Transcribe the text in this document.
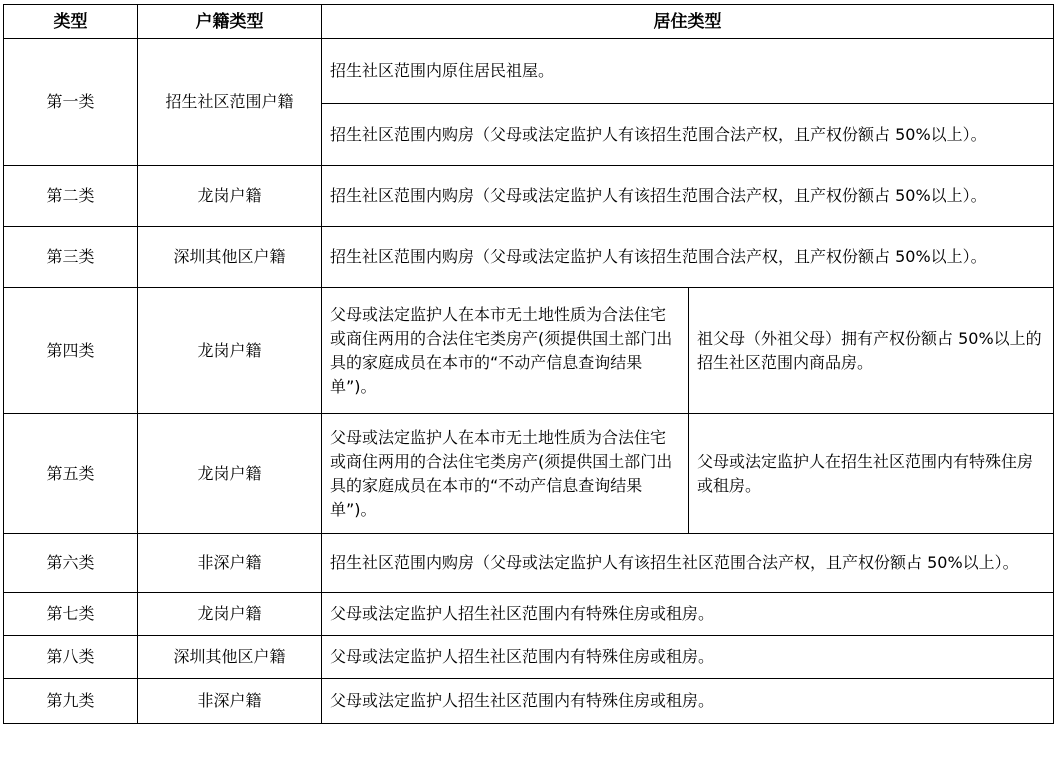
类型	户籍类型	居住类型	
第一类	招生社区范围户籍	招生社区范围内原住居民祖屋。	
		招生社区范围内购房（父母或法定监护人有该招生范围合法产权，且产权份额占 50%以上）。	
第二类	龙岗户籍	招生社区范围内购房（父母或法定监护人有该招生范围合法产权，且产权份额占 50%以上）。	
第三类	深圳其他区户籍	招生社区范围内购房（父母或法定监护人有该招生范围合法产权，且产权份额占 50%以上）。	
第四类	龙岗户籍	父母或法定监护人在本市无土地性质为合法住宅或商住两用的合法住宅类房产(须提供国土部门出具的家庭成员在本市的“不动产信息查询结果单”)。	祖父母（外祖父母）拥有产权份额占 50%以上的招生社区范围内商品房。
第五类	龙岗户籍	父母或法定监护人在本市无土地性质为合法住宅或商住两用的合法住宅类房产(须提供国土部门出具的家庭成员在本市的“不动产信息查询结果单”)。	父母或法定监护人在招生社区范围内有特殊住房或租房。
第六类	非深户籍	招生社区范围内购房（父母或法定监护人有该招生社区范围合法产权，且产权份额占 50%以上）。	
第七类	龙岗户籍	父母或法定监护人招生社区范围内有特殊住房或租房。	
第八类	深圳其他区户籍	父母或法定监护人招生社区范围内有特殊住房或租房。	
第九类	非深户籍	父母或法定监护人招生社区范围内有特殊住房或租房。	
